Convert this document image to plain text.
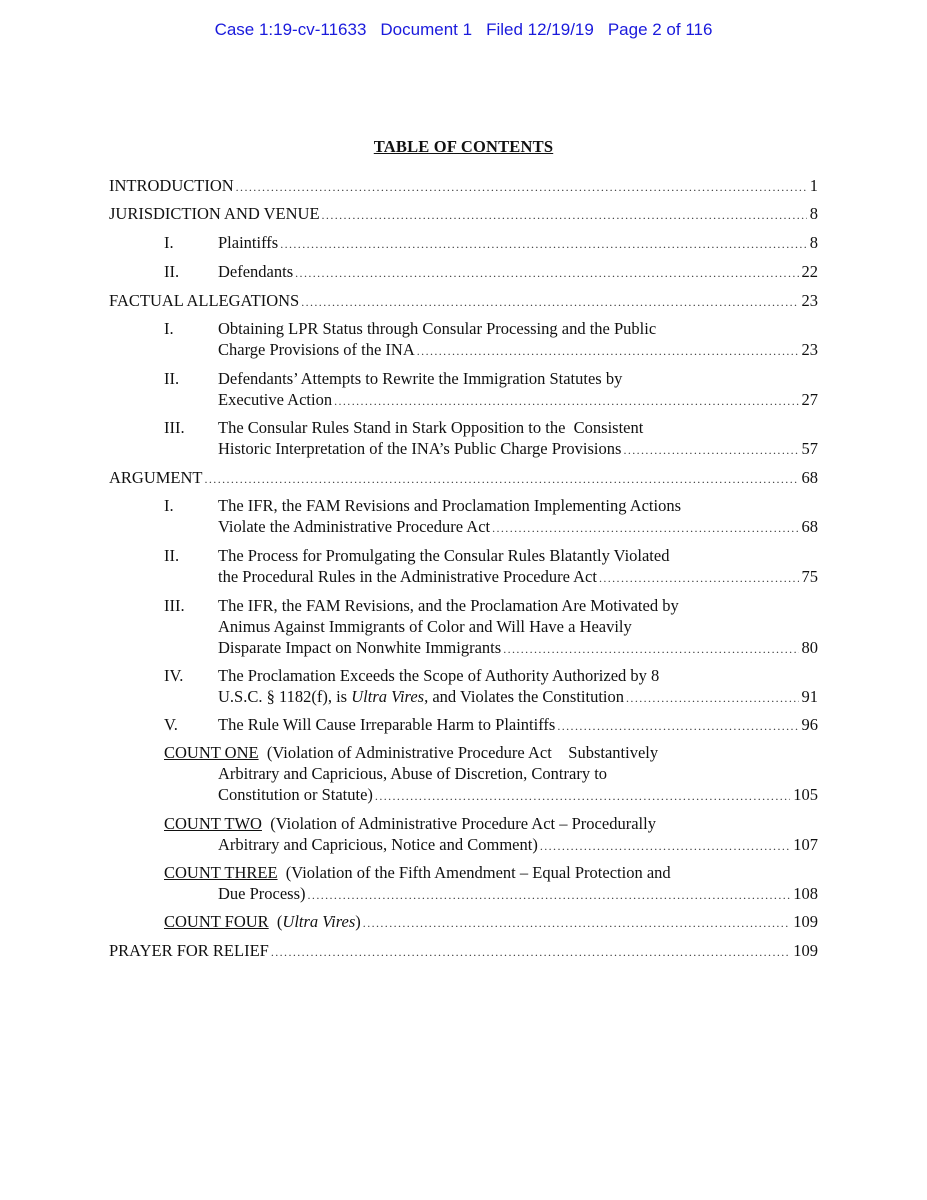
Case 1:19-cv-11633 Document 1 Filed 12/19/19 Page 2 of 116
TABLE OF CONTENTS
INTRODUCTION .....	1
JURISDICTION AND VENUE .....	8
I.	Plaintiffs .....	8
II. Defendants .....	22
FACTUAL ALLEGATIONS .....	23
I.	Obtaining LPR Status through Consular Processing and the Public
Charge Provisions of the INA .....	23
II. Defendants’ Attempts to Rewrite the Immigration Statutes by
Executive Action .....	27
III. The Consular Rules Stand in Stark Opposition to the  Consistent
Historic Interpretation of the INA’s Public Charge Provisions .....	57
ARGUMENT .....	68
I.	The IFR, the FAM Revisions and Proclamation Implementing Actions
Violate the Administrative Procedure Act .....	68
II. The Process for Promulgating the Consular Rules Blatantly Violated
the Procedural Rules in the Administrative Procedure Act .....	75
III. The IFR, the FAM Revisions, and the Proclamation Are Motivated by
Animus Against Immigrants of Color and Will Have a Heavily
Disparate Impact on Nonwhite Immigrants .....	80
IV. The Proclamation Exceeds the Scope of Authority Authorized by 8
U.S.C. § 1182(f), is Ultra Vires, and Violates the Constitution .....	91
V. The Rule Will Cause Irreparable Harm to Plaintiffs .....	96
COUNT ONE  (Violation of Administrative Procedure Act    Substantively
Arbitrary and Capricious, Abuse of Discretion, Contrary to
Constitution or Statute) .....	105
COUNT TWO  (Violation of Administrative Procedure Act – Procedurally
Arbitrary and Capricious, Notice and Comment) .....	107
COUNT THREE  (Violation of the Fifth Amendment – Equal Protection and
Due Process) .....	108
COUNT FOUR  (Ultra Vires) .....	109
PRAYER FOR RELIEF .....	109
